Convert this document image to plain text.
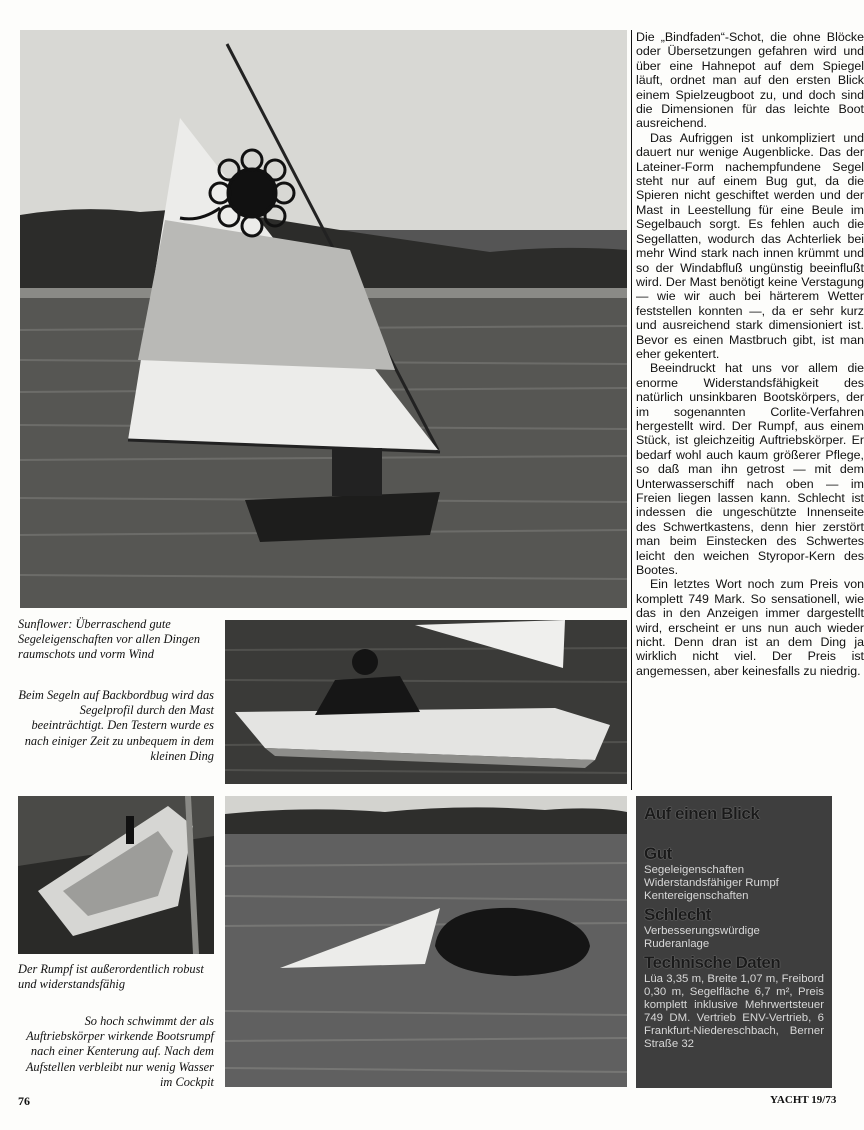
Sunflower: Überraschend gute Segeleigenschaften vor allen Dingen raumschots und vorm Wind

Beim Segeln auf Backbordbug wird das Segelprofil durch den Mast beeinträchtigt. Den Testern wurde es nach einiger Zeit zu unbequem in dem kleinen Ding

Der Rumpf ist außerordentlich robust und widerstandsfähig

So hoch schwimmt der als Auftriebskörper wirkende Bootsrumpf nach einer Kenterung auf. Nach dem Aufstellen verbleibt nur wenig Wasser im Cockpit

Die „Bindfaden“-Schot, die ohne Blöcke oder Übersetzungen gefahren wird und über eine Hahnepot auf dem Spiegel läuft, ordnet man auf den ersten Blick einem Spielzeugboot zu, und doch sind die Dimensionen für das leichte Boot ausreichend.

Das Aufriggen ist unkompliziert und dauert nur wenige Augenblicke. Das der Lateiner-Form nachempfundene Segel steht nur auf einem Bug gut, da die Spieren nicht geschiftet werden und der Mast in Leestellung für eine Beule im Segelbauch sorgt. Es fehlen auch die Segellatten, wodurch das Achterliek bei mehr Wind stark nach innen krümmt und so der Windabfluß ungünstig beeinflußt wird. Der Mast benötigt keine Verstagung — wie wir auch bei härterem Wetter feststellen konnten —, da er sehr kurz und ausreichend stark dimensioniert ist. Bevor es einen Mastbruch gibt, ist man eher gekentert.

Beeindruckt hat uns vor allem die enorme Widerstandsfähigkeit des natürlich unsinkbaren Bootskörpers, der im sogenannten Corlite-Verfahren hergestellt wird. Der Rumpf, aus einem Stück, ist gleichzeitig Auftriebskörper. Er bedarf wohl auch kaum größerer Pflege, so daß man ihn getrost — mit dem Unterwasserschiff nach oben — im Freien liegen lassen kann. Schlecht ist indessen die ungeschützte Innenseite des Schwertkastens, denn hier zerstört man beim Einstecken des Schwertes leicht den weichen Styropor-Kern des Bootes.

Ein letztes Wort noch zum Preis von komplett 749 Mark. So sensationell, wie das in den Anzeigen immer dargestellt wird, erscheint er uns nun auch wieder nicht. Denn dran ist an dem Ding ja wirklich nicht viel. Der Preis ist angemessen, aber keinesfalls zu niedrig.

Auf einen Blick
Gut
Segeleigenschaften Widerstandsfähiger Rumpf Kentereigenschaften
Schlecht
Verbesserungswürdige Ruderanlage
Technische Daten
Lüa 3,35 m, Breite 1,07 m, Freibord 0,30 m, Segelfläche 6,7 m², Preis komplett inklusive Mehrwertsteuer 749 DM. Vertrieb ENV-Vertrieb, 6 Frankfurt-Niedereschbach, Berner Straße 32
76	YACHT 19/73
